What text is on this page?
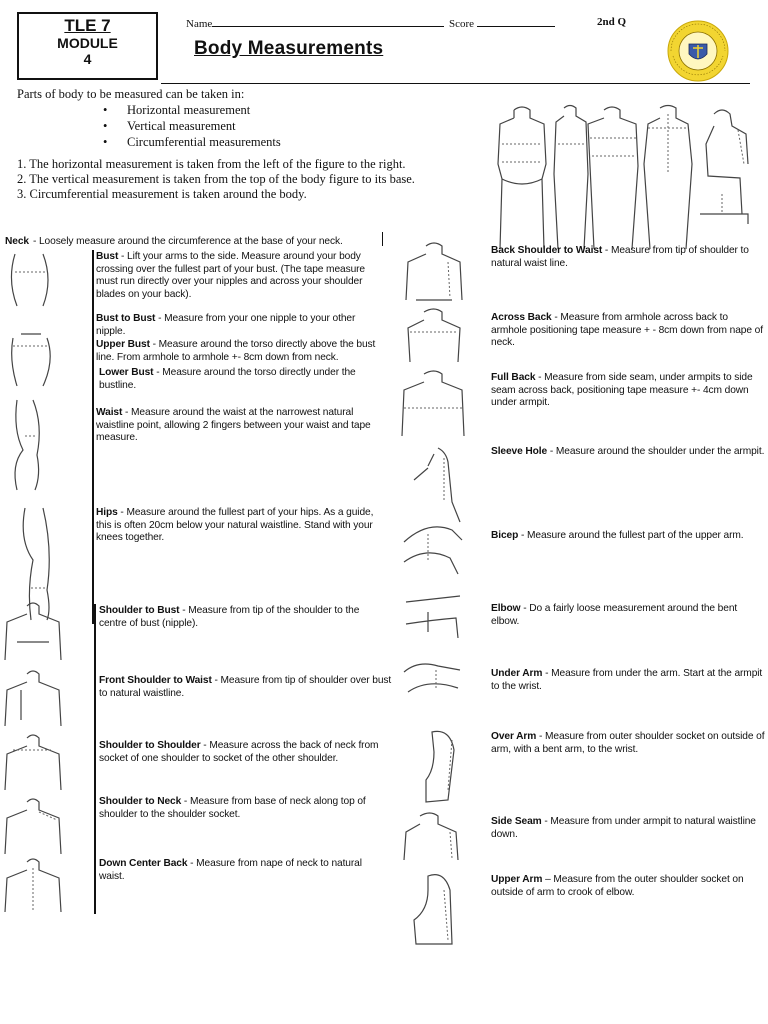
TLE 7
MODULE
4
Name	Score	2nd Q
Body Measurements
Parts of body to be measured can be taken in:
• Horizontal measurement
• Vertical measurement
• Circumferential measurements
1. The horizontal measurement is taken from the left of the figure to the right.
2. The vertical measurement is taken from the top of the body figure to its base.
3. Circumferential measurement is taken around the body.
Neck - Loosely measure around the circumference at the base of your neck.
Bust - Lift your arms to the side. Measure around your body crossing over the fullest part of your bust. (The tape measure must run directly over your nipples and across your shoulder blades on your back).
Bust to Bust - Measure from your one nipple to your other nipple.
Upper Bust - Measure around the torso directly above the bust line. From armhole to armhole +- 8cm down from neck.
Lower Bust - Measure around the torso directly under the bustline.
Waist - Measure around the waist at the narrowest natural waistline point, allowing 2 fingers between your waist and tape measure.
Hips - Measure around the fullest part of your hips. As a guide, this is often 20cm below your natural waistline. Stand with your knees together.
Shoulder to Bust - Measure from tip of the shoulder to the centre of bust (nipple).
Front Shoulder to Waist - Measure from tip of shoulder over bust to natural waistline.
Shoulder to Shoulder - Measure across the back of neck from socket of one shoulder to socket of the other shoulder.
Shoulder to Neck - Measure from base of neck along top of shoulder to the shoulder socket.
Down Center Back - Measure from nape of neck to natural waist.
Back Shoulder to Waist - Measure from tip of shoulder to natural waist line.
Across Back - Measure from armhole across back to armhole positioning tape measure + - 8cm down from nape of neck.
Full Back - Measure from side seam, under armpits to side seam across back, positioning tape measure +- 4cm down under armpit.
Sleeve Hole - Measure around the shoulder under the armpit.
Bicep - Measure around the fullest part of the upper arm.
Elbow - Do a fairly loose measurement around the bent elbow.
Under Arm - Measure from under the arm. Start at the armpit to the wrist.
Over Arm - Measure from outer shoulder socket on outside of arm, with a bent arm, to the wrist.
Side Seam - Measure from under armpit to natural waistline down.
Upper Arm – Measure from the outer shoulder socket on outside of arm to crook of elbow.
